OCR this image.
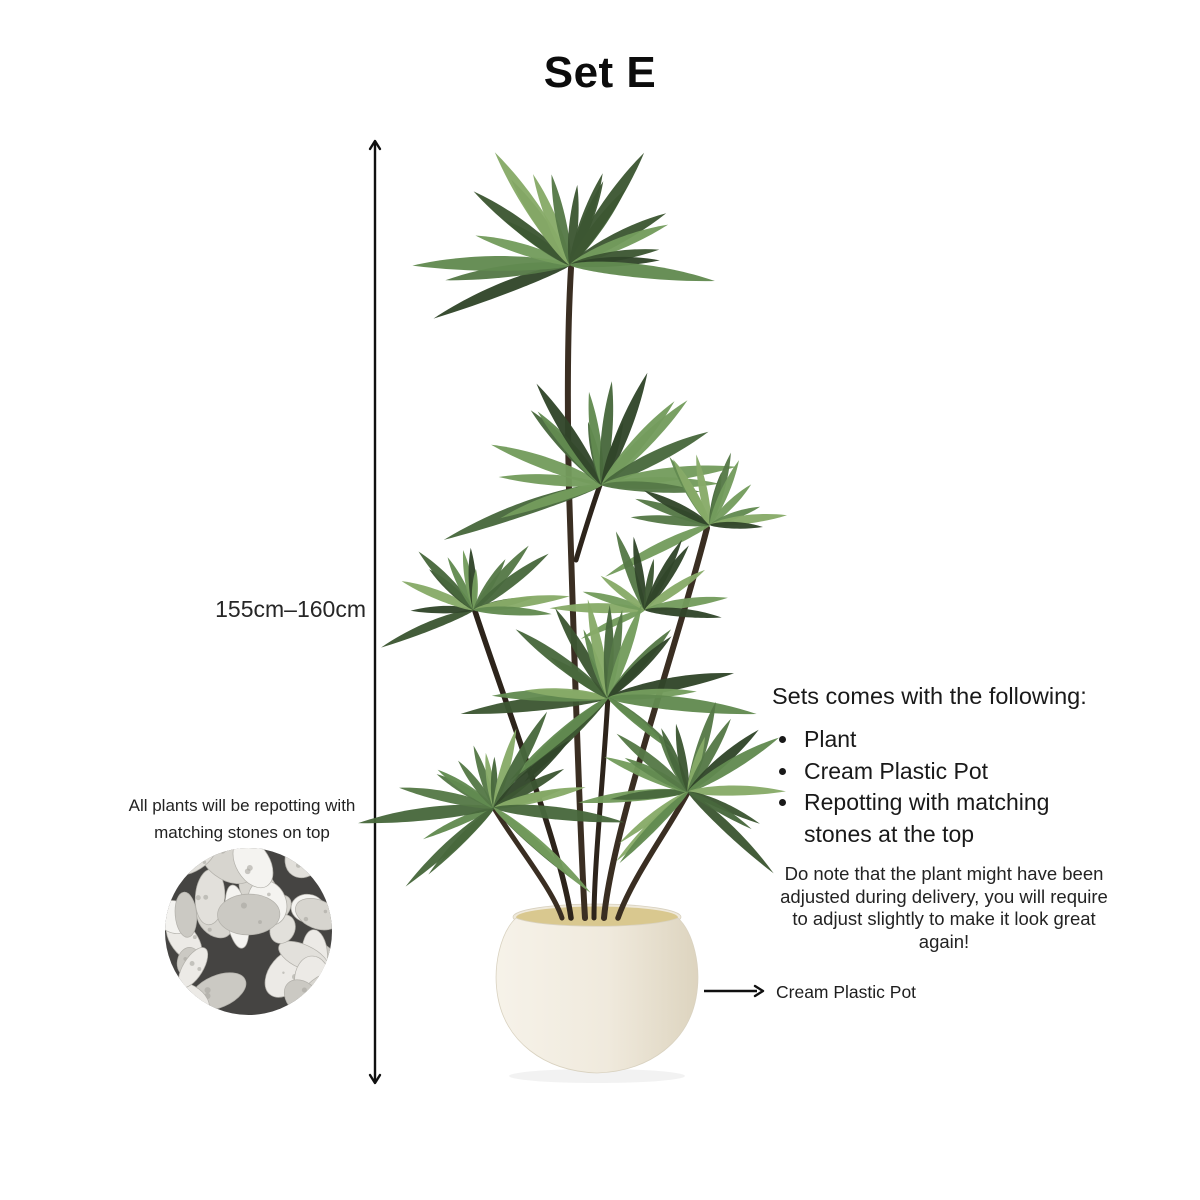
Set E
155cm–160cm
All plants will be repotting with
matching stones on top
Cream Plastic Pot
Sets comes with the following:
• Plant
• Cream Plastic Pot
• Repotting with matching stones at the top

Do note that the plant might have been adjusted during delivery, you will require to adjust slightly to make it look great again!
